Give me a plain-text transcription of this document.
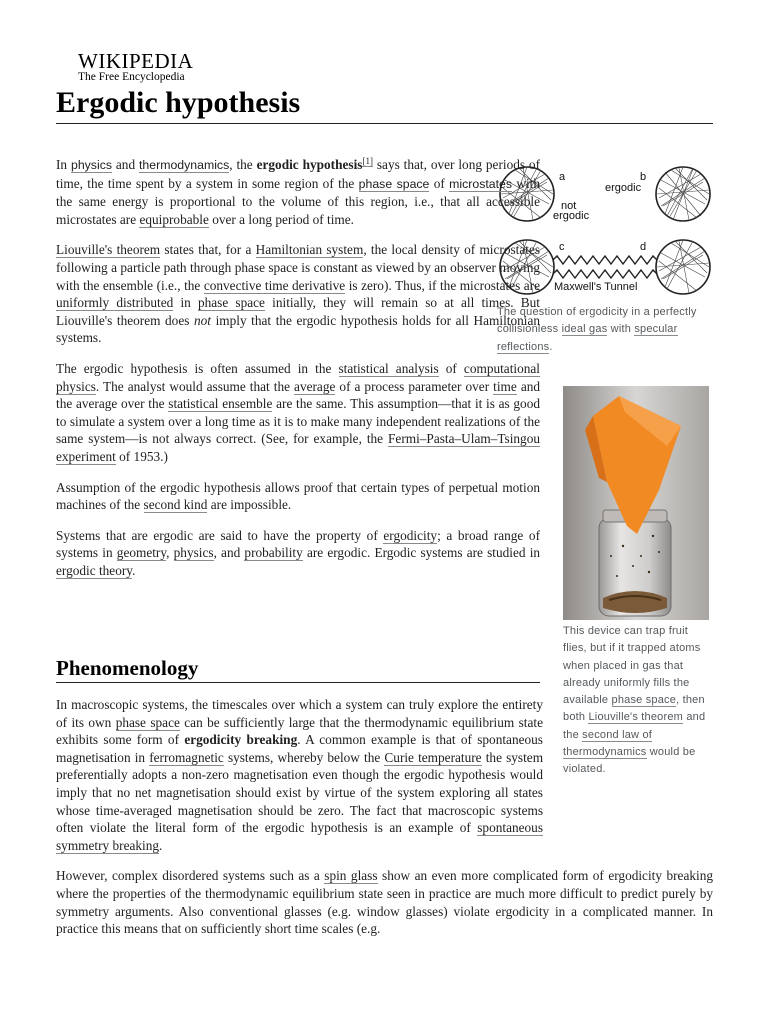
WIKIPEDIA
The Free Encyclopedia
Ergodic hypothesis
a
not
ergodic
b
ergodic
c	d
Maxwell's Tunnel
The question of ergodicity in a perfectly collisionless ideal gas with specular reflections.
This device can trap fruit flies, but if it trapped atoms when placed in gas that already uniformly fills the available phase space, then both Liouville's theorem and the second law of thermodynamics would be violated.

In physics and thermodynamics, the ergodic hypothesis[1] says that, over long periods of time, the time spent by a system in some region of the phase space of microstates with the same energy is proportional to the volume of this region, i.e., that all accessible microstates are equiprobable over a long period of time.

Liouville's theorem states that, for a Hamiltonian system, the local density of microstates following a particle path through phase space is constant as viewed by an observer moving with the ensemble (i.e., the convective time derivative is zero). Thus, if the microstates are uniformly distributed in phase space initially, they will remain so at all times. But Liouville's theorem does not imply that the ergodic hypothesis holds for all Hamiltonian systems.

The ergodic hypothesis is often assumed in the statistical analysis of computational physics. The analyst would assume that the average of a process parameter over time and the average over the statistical ensemble are the same. This assumption—that it is as good to simulate a system over a long time as it is to make many independent realizations of the same system—is not always correct. (See, for example, the Fermi–Pasta–Ulam–Tsingou experiment of 1953.)

Assumption of the ergodic hypothesis allows proof that certain types of perpetual motion machines of the second kind are impossible.

Systems that are ergodic are said to have the property of ergodicity; a broad range of systems in geometry, physics, and probability are ergodic. Ergodic systems are studied in ergodic theory.

Phenomenology

In macroscopic systems, the timescales over which a system can truly explore the entirety of its own phase space can be sufficiently large that the thermodynamic equilibrium state exhibits some form of ergodicity breaking. A common example is that of spontaneous magnetisation in ferromagnetic systems, whereby below the Curie temperature the system preferentially adopts a non-zero magnetisation even though the ergodic hypothesis would imply that no net magnetisation should exist by virtue of the system exploring all states whose time-averaged magnetisation should be zero. The fact that macroscopic systems often violate the literal form of the ergodic hypothesis is an example of spontaneous symmetry breaking.

However, complex disordered systems such as a spin glass show an even more complicated form of ergodicity breaking where the properties of the thermodynamic equilibrium state seen in practice are much more difficult to predict purely by symmetry arguments. Also conventional glasses (e.g. window glasses) violate ergodicity in a complicated manner. In practice this means that on sufficiently short time scales (e.g.
